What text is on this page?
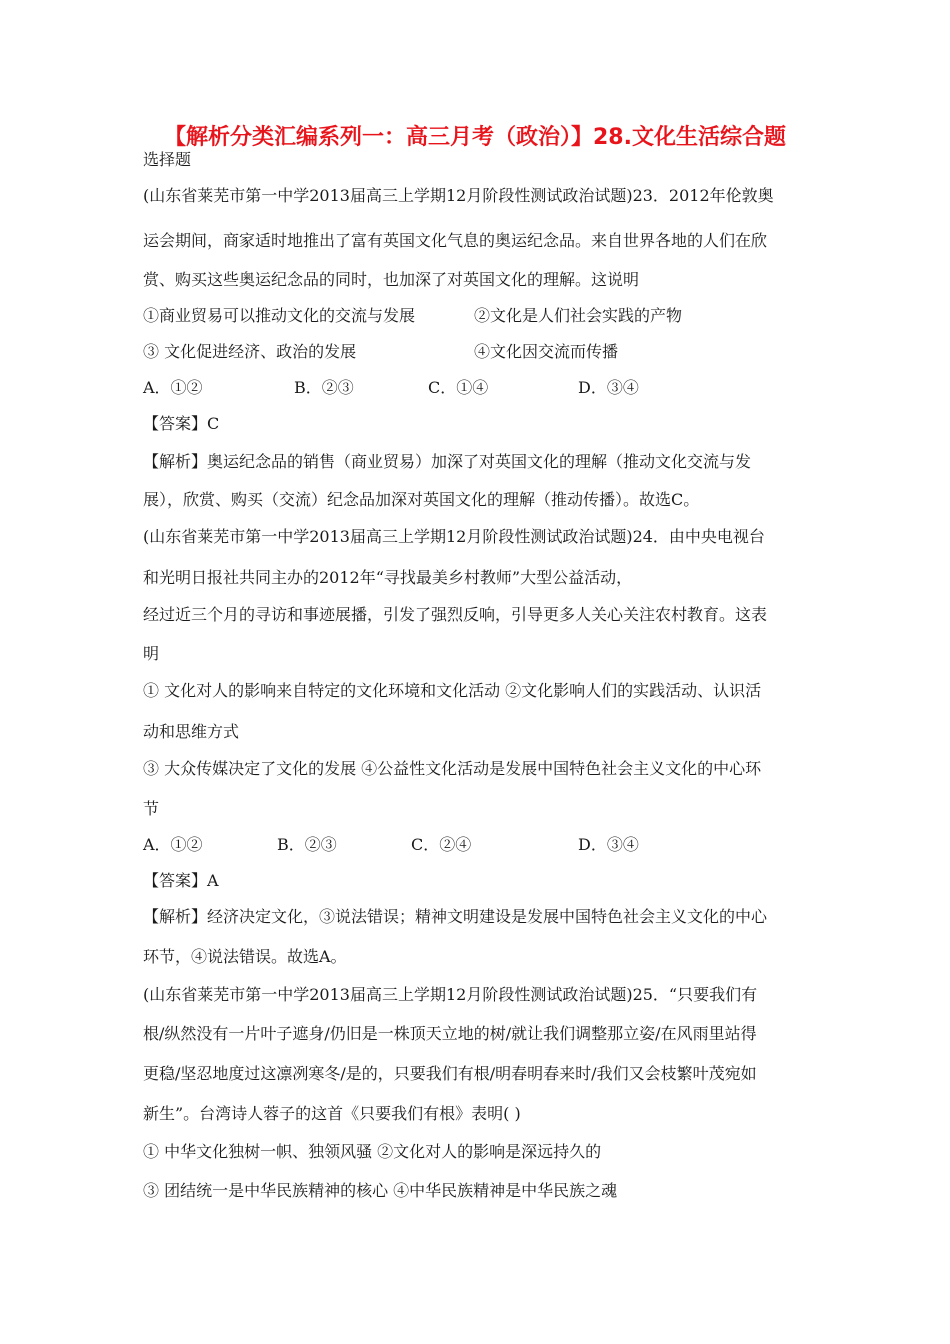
【解析分类汇编系列一：高三月考（政治）】28.文化生活综合题
选择题
(山东省莱芜市第一中学2013届高三上学期12月阶段性测试政治试题)23．2012年伦敦奥
运会期间，商家适时地推出了富有英国文化气息的奥运纪念品。来自世界各地的人们在欣
赏、购买这些奥运纪念品的同时，也加深了对英国文化的理解。这说明
①商业贸易可以推动文化的交流与发展	②文化是人们社会实践的产物
③ 文化促进经济、政治的发展	④文化因交流而传播
A．①②	B．②③	C．①④	D．③④
【答案】C
【解析】奥运纪念品的销售（商业贸易）加深了对英国文化的理解（推动文化交流与发
展），欣赏、购买（交流）纪念品加深对英国文化的理解（推动传播）。故选C。
(山东省莱芜市第一中学2013届高三上学期12月阶段性测试政治试题)24．由中央电视台
和光明日报社共同主办的2012年“寻找最美乡村教师”大型公益活动，
经过近三个月的寻访和事迹展播，引发了强烈反响，引导更多人关心关注农村教育。这表
明
① 文化对人的影响来自特定的文化环境和文化活动 ②文化影响人们的实践活动、认识活
动和思维方式
③ 大众传媒决定了文化的发展 ④公益性文化活动是发展中国特色社会主义文化的中心环
节
A．①②	B．②③	C．②④	D．③④
【答案】A
【解析】经济决定文化，③说法错误；精神文明建设是发展中国特色社会主义文化的中心
环节，④说法错误。故选A。
(山东省莱芜市第一中学2013届高三上学期12月阶段性测试政治试题)25．“只要我们有
根/纵然没有一片叶子遮身/仍旧是一株顶天立地的树/就让我们调整那立姿/在风雨里站得
更稳/坚忍地度过这凛冽寒冬/是的，只要我们有根/明春明春来时/我们又会枝繁叶茂宛如
新生”。台湾诗人蓉子的这首《只要我们有根》表明( )
① 中华文化独树一帜、独领风骚 ②文化对人的影响是深远持久的
③ 团结统一是中华民族精神的核心 ④中华民族精神是中华民族之魂
